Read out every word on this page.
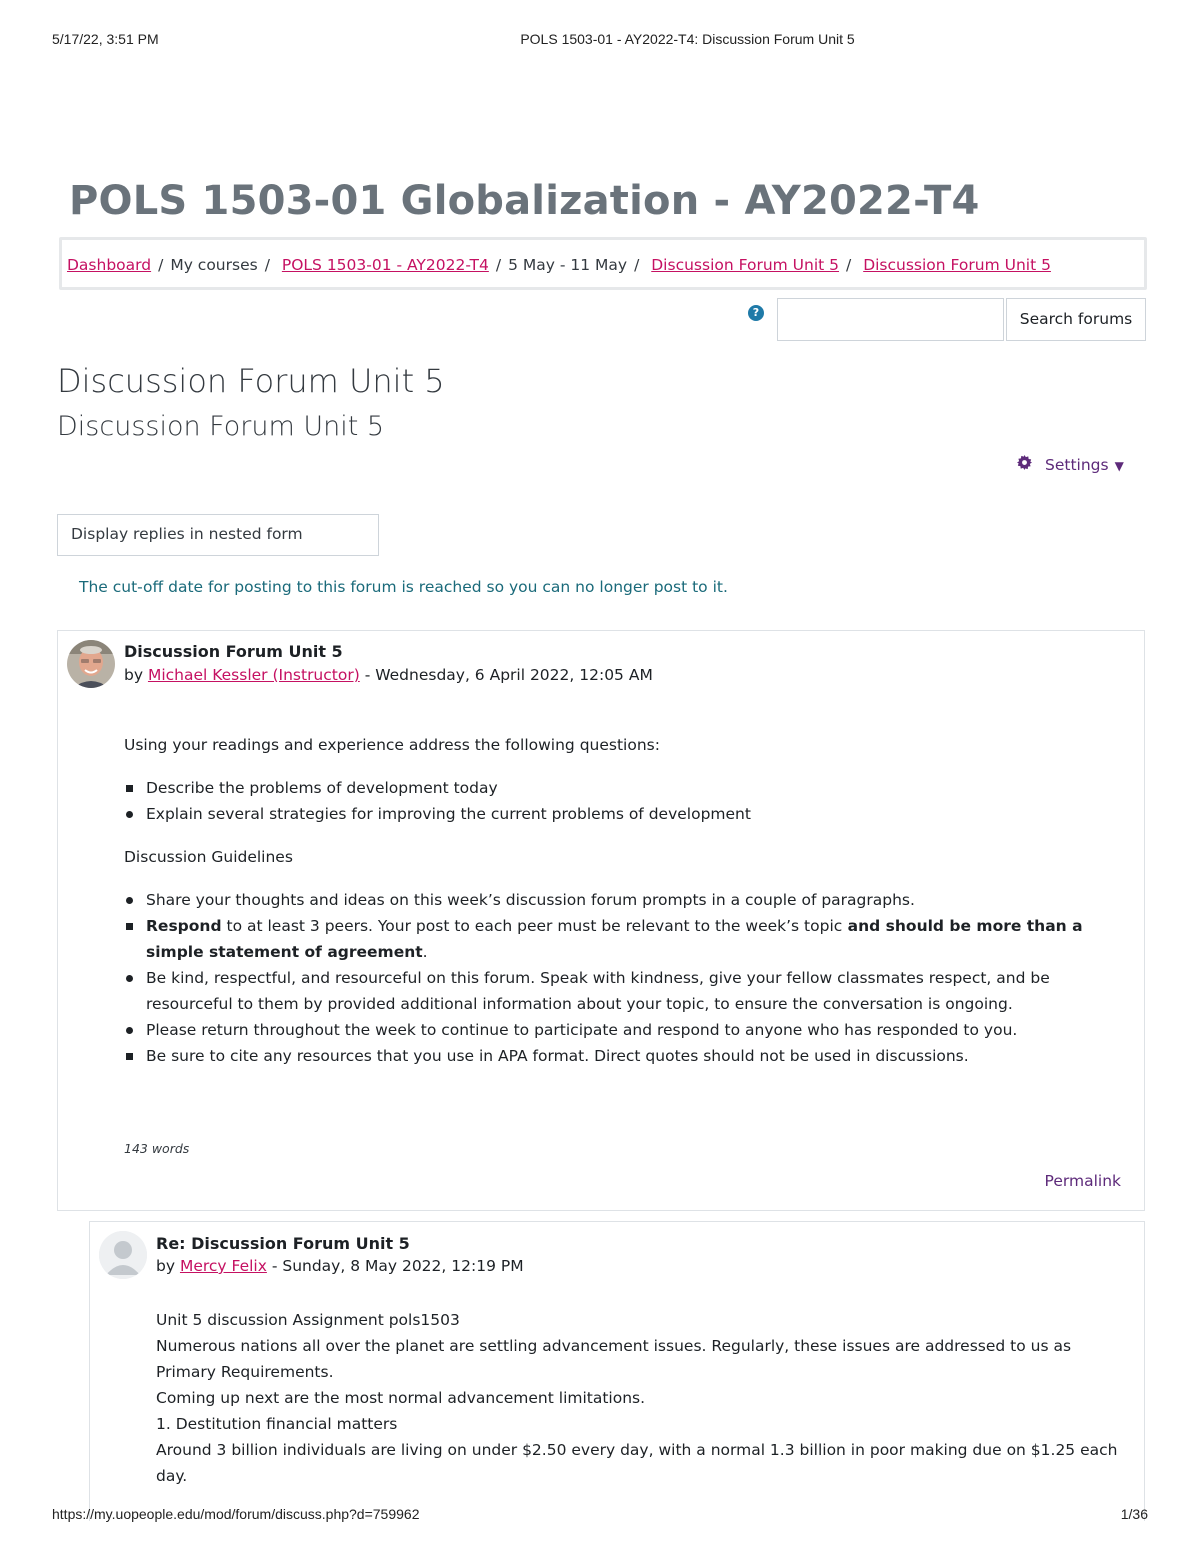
5/17/22, 3:51 PM	POLS 1503-01 - AY2022-T4: Discussion Forum Unit 5
POLS 1503-01 Globalization - AY2022-T4
Dashboard / My courses / POLS 1503-01 - AY2022-T4 / 5 May - 11 May / Discussion Forum Unit 5 / Discussion Forum Unit 5
?	Search forums
Discussion Forum Unit 5
Discussion Forum Unit 5
Settings ▼
Display replies in nested form
The cut-off date for posting to this forum is reached so you can no longer post to it.
Discussion Forum Unit 5
by Michael Kessler (Instructor) - Wednesday, 6 April 2022, 12:05 AM

Using your readings and experience address the following questions:

Describe the problems of development today
Explain several strategies for improving the current problems of development

Discussion Guidelines

Share your thoughts and ideas on this week’s discussion forum prompts in a couple of paragraphs.
Respond to at least 3 peers. Your post to each peer must be relevant to the week’s topic and should be more than a simple statement of agreement.
Be kind, respectful, and resourceful on this forum. Speak with kindness, give your fellow classmates respect, and be resourceful to them by provided additional information about your topic, to ensure the conversation is ongoing.
Please return throughout the week to continue to participate and respond to anyone who has responded to you.
Be sure to cite any resources that you use in APA format. Direct quotes should not be used in discussions.
143 words
Permalink
Re: Discussion Forum Unit 5
by Mercy Felix - Sunday, 8 May 2022, 12:19 PM

Unit 5 discussion Assignment pols1503

Numerous nations all over the planet are settling advancement issues. Regularly, these issues are addressed to us as Primary Requirements.

Coming up next are the most normal advancement limitations.

1. Destitution financial matters

Around 3 billion individuals are living on under $2.50 every day, with a normal 1.3 billion in poor making due on $1.25 each day.

https://my.uopeople.edu/mod/forum/discuss.php?d=759962	1/36
